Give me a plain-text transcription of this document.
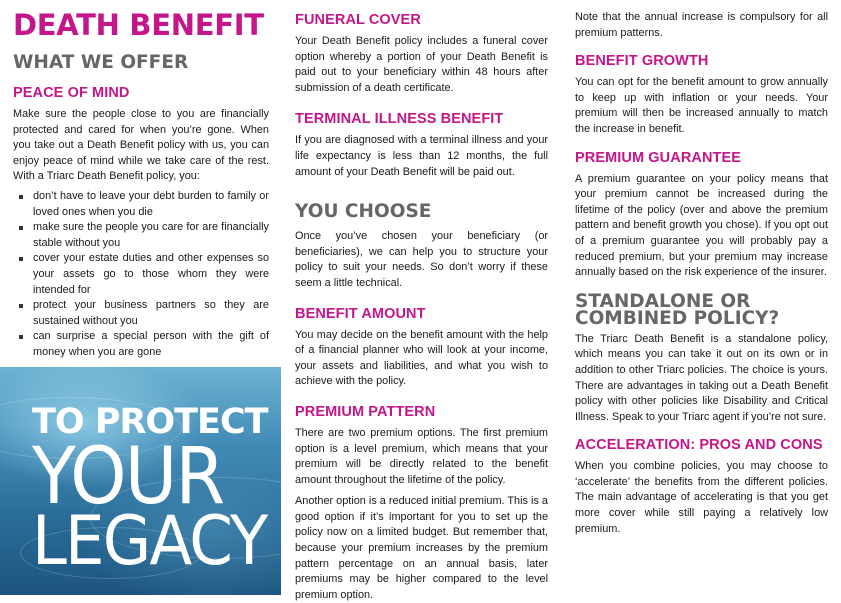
DEATH BENEFIT
WHAT WE OFFER
PEACE OF MIND

Make sure the people close to you are financially protected and cared for when you’re gone. When you take out a Death Benefit policy with us, you can enjoy peace of mind while we take care of the rest. With a Triarc Death Benefit policy, you:

don’t have to leave your debt burden to family or loved ones when you die
make sure the people you care for are financially stable without you
cover your estate duties and other expenses so your assets go to those whom they were intended for
protect your business partners so they are sustained without you
can surprise a special person with the gift of money when you are gone
TO PROTECT
YOUR
LEGACY
FUNERAL COVER

Your Death Benefit policy includes a funeral cover option whereby a portion of your Death Benefit is paid out to your beneficiary within 48 hours after submission of a death certificate.

TERMINAL ILLNESS BENEFIT

If you are diagnosed with a terminal illness and your life expectancy is less than 12 months, the full amount of your Death Benefit will be paid out.

YOU CHOOSE

Once you’ve chosen your beneficiary (or beneficiaries), we can help you to structure your policy to suit your needs. So don’t worry if these seem a little technical.

BENEFIT AMOUNT

You may decide on the benefit amount with the help of a financial planner who will look at your income, your assets and liabilities, and what you wish to achieve with the policy.

PREMIUM PATTERN

There are two premium options. The first premium option is a level premium, which means that your premium will be directly related to the benefit amount throughout the lifetime of the policy.

Another option is a reduced initial premium. This is a good option if it’s important for you to set up the policy now on a limited budget. But remember that, because your premium increases by the premium pattern percentage on an annual basis, later premiums may be higher compared to the level premium option.

Note that the annual increase is compulsory for all premium patterns.

BENEFIT GROWTH

You can opt for the benefit amount to grow annually to keep up with inflation or your needs. Your premium will then be increased annually to match the increase in benefit.

PREMIUM GUARANTEE

A premium guarantee on your policy means that your premium cannot be increased during the lifetime of the policy (over and above the premium pattern and benefit growth you chose). If you opt out of a premium guarantee you will probably pay a reduced premium, but your premium may increase annually based on the risk experience of the insurer.

STANDALONE OR
COMBINED POLICY?

The Triarc Death Benefit is a standalone policy, which means you can take it out on its own or in addition to other Triarc policies. The choice is yours. There are advantages in taking out a Death Benefit policy with other policies like Disability and Critical Illness. Speak to your Triarc agent if you’re not sure.

ACCELERATION: PROS AND CONS

When you combine policies, you may choose to ‘accelerate’ the benefits from the different policies. The main advantage of accelerating is that you get more cover while still paying a relatively low premium.
